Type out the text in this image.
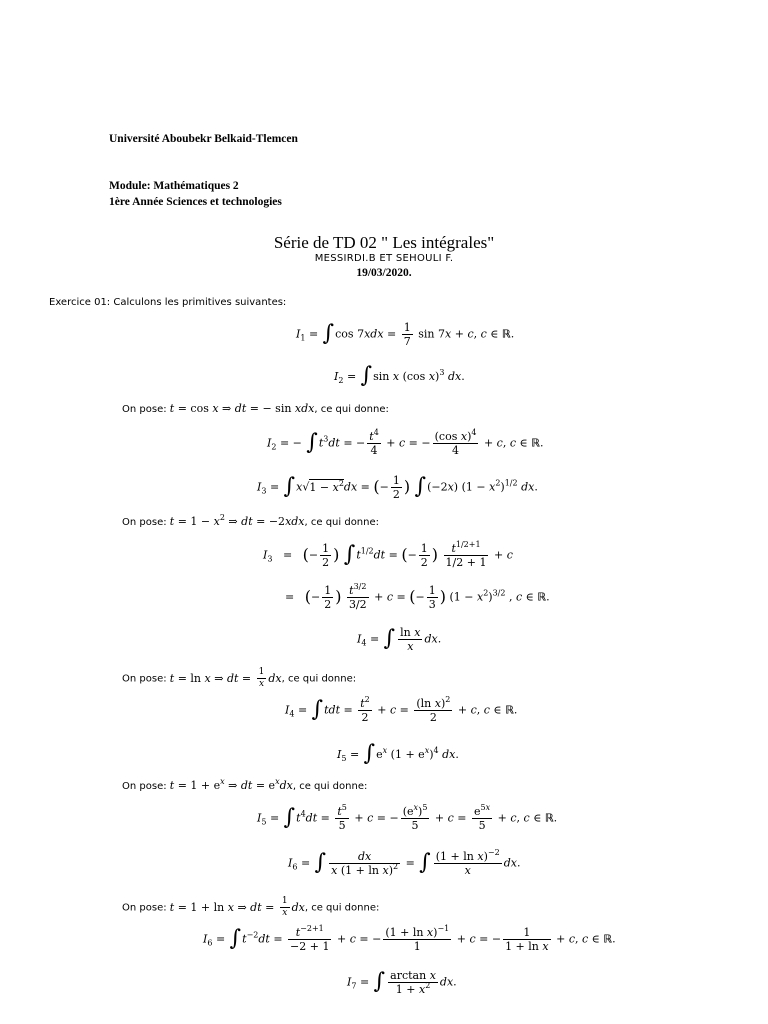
Université Aboubekr Belkaid-Tlemcen
Module: Mathématiques 2
1ère Année Sciences et technologies
Série de TD 02 " Les intégrales"
MESSIRDI.B ET SEHOULI F.
19/03/2020.
Exercice 01: Calculons les primitives suivantes:
$I_1 = \int\cos$ $7xdx = \frac{1}{7}$ sin 7x + c, c ∈ ℝ.
$I_2 = \int\sin$ x (cos x)$^3$ dx.
On pose: t = cos x ⇒ dt = − sin xdx, ce qui donne:
$I_2$ = − $\int t^3dt$ = − $\frac{t^4}{4} + c$ = − $\frac{(\cos x)^4}{4} + c$, c ∈ ℝ.
$I_3 = \int x√1 - x^2dx$ = (− $\frac{1}{2}$ ) ∫(−2x) $(1 - x^2)^{1/2}$ dx.
On pose: $t = 1 - x^2$ ⇒ dt = −2xdx, ce qui donne:
$I_3$   =   (− $\frac{1}{2}$ ) $\int t^{1/2}dt$ = (− $\frac{1}{2}$ ) $\frac{t^{1/2+1}}{1/2 + 1} + c$
=   (− $\frac{1}{2}$ ) $\frac{t^{3/2}}{3/2} + c$ = (− $\frac{1}{3}$ ) $(1 - x^2)^{3/2}$ , c ∈ ℝ.
$I_4$ = ∫ $\frac{\text{ln x}}{x}$ dx.
On pose: t = ln x ⇒ dt = $\frac{1}{x}$ dx, ce qui donne:
$I_4 = \int tdt = \frac{t^2}{2} + c = \frac{(\ln x)^2}{2} + c$, c ∈ ℝ.
$I_5 = \int e^x$ $(1 + e^x)^4$ dx.
On pose: $t = 1 + e^x$ ⇒ dt = $e^xdx$, ce qui donne:
$I_5 = \int t^4dt = \frac{t^5}{5} + c$ = − $\frac{(e^x)^5}{5} + c = \frac{e^{5x}}{5} + c$, c ∈ ℝ.
$I_6$ = ∫ $\frac{dx}{x (1 + \ln x)^2}$ = ∫ $\frac{(1 + \ln x)^{-2}}{x}$ dx.
On pose: t = 1 + ln x ⇒ dt = $\frac{1}{x}$ dx, ce qui donne:
$I_6 = \int t^{-2}dt = \frac{t^{-2+1}}{-2 + 1} + c$ = − $\frac{(1 + \ln x)^{-1}}{1} + c$ = − $\frac{1}{\text{1 + ln x}} + c$, c ∈ ℝ.
$I_7$ = ∫ $\frac{\text{arctan x}}{1 + x^2}$ dx.
